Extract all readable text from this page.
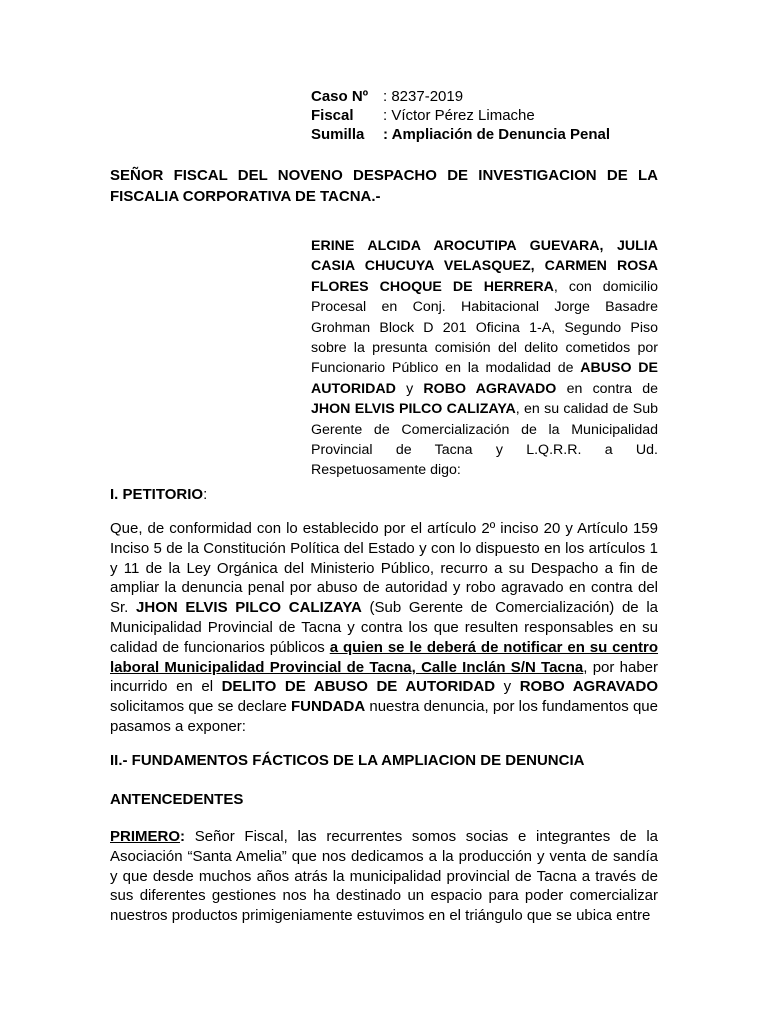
Caso Nº : 8237-2019
Fiscal : Víctor Pérez Limache
Sumilla : Ampliación de Denuncia Penal
SEÑOR FISCAL DEL NOVENO DESPACHO DE INVESTIGACION DE LA FISCALIA CORPORATIVA DE TACNA.-
ERINE ALCIDA AROCUTIPA GUEVARA, JULIA CASIA CHUCUYA VELASQUEZ, CARMEN ROSA FLORES CHOQUE DE HERRERA, con domicilio Procesal en Conj. Habitacional Jorge Basadre Grohman Block D 201 Oficina 1-A, Segundo Piso sobre la presunta comisión del delito cometidos por Funcionario Público en la modalidad de ABUSO DE AUTORIDAD y ROBO AGRAVADO en contra de JHON ELVIS PILCO CALIZAYA, en su calidad de Sub Gerente de Comercialización de la Municipalidad Provincial de Tacna y L.Q.R.R. a Ud. Respetuosamente digo:
I. PETITORIO:
Que, de conformidad con lo establecido por el artículo 2º inciso 20 y Artículo 159 Inciso 5 de la Constitución Política del Estado y con lo dispuesto en los artículos 1 y 11 de la Ley Orgánica del Ministerio Público, recurro a su Despacho a fin de ampliar la denuncia penal por abuso de autoridad y robo agravado en contra del Sr. JHON ELVIS PILCO CALIZAYA (Sub Gerente de Comercialización) de la Municipalidad Provincial de Tacna y contra los que resulten responsables en su calidad de funcionarios públicos a quien se le deberá de notificar en su centro laboral Municipalidad Provincial de Tacna, Calle Inclán S/N Tacna, por haber incurrido en el DELITO DE ABUSO DE AUTORIDAD y ROBO AGRAVADO solicitamos que se declare FUNDADA nuestra denuncia, por los fundamentos que pasamos a exponer:
II.- FUNDAMENTOS FÁCTICOS DE LA AMPLIACION DE DENUNCIA
ANTENCEDENTES
PRIMERO: Señor Fiscal, las recurrentes somos socias e integrantes de la Asociación “Santa Amelia” que nos dedicamos a la producción y venta de sandía y que desde muchos años atrás la municipalidad provincial de Tacna a través de sus diferentes gestiones nos ha destinado un espacio para poder comercializar nuestros productos primigeniamente estuvimos en el triángulo que se ubica entre
